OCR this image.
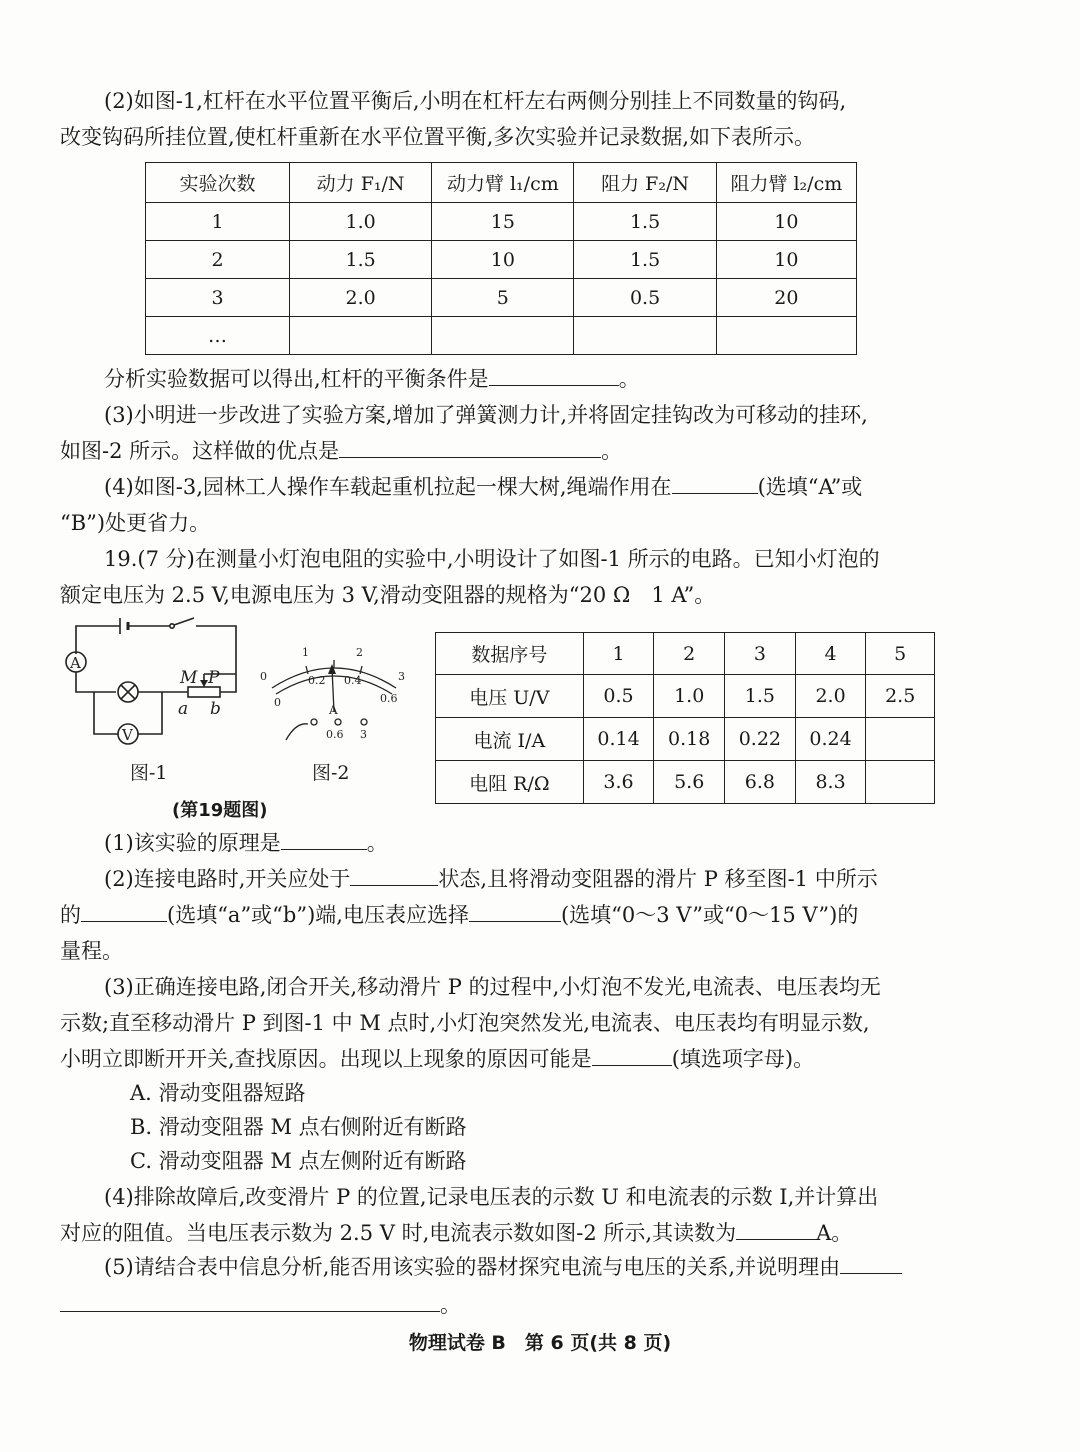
(2)如图-1,杠杆在水平位置平衡后,小明在杠杆左右两侧分别挂上不同数量的钩码,
改变钩码所挂位置,使杠杆重新在水平位置平衡,多次实验并记录数据,如下表所示。
实验次数	动力 F₁/N	动力臂 l₁/cm	阻力 F₂/N	阻力臂 l₂/cm
1	1.0	15	1.5	10
2	1.5	10	1.5	10
3	2.0	5	0.5	20
…				
分析实验数据可以得出,杠杆的平衡条件是	。
(3)小明进一步改进了实验方案,增加了弹簧测力计,并将固定挂钩改为可移动的挂环,
如图-2 所示。这样做的优点是	。
(4)如图-3,园林工人操作车载起重机拉起一棵大树,绳端作用在	(选填“A”或
“B”)处更省力。
19.(7 分)在测量小灯泡电阻的实验中,小明设计了如图-1 所示的电路。已知小灯泡的
额定电压为 2.5 V,电源电压为 3 V,滑动变阻器的规格为“20 Ω　1 A”。
A
M P
a b
V
图-1
1	2
0	3
0
0.2 0.4
0.6
A
0.6 3
图-2
(第19题图)
数据序号	1	2	3	4	5
电压 U/V	0.5	1.0	1.5	2.0	2.5
电流 I/A	0.14	0.18	0.22	0.24	
电阻 R/Ω	3.6	5.6	6.8	8.3	
(1)该实验的原理是	。
(2)连接电路时,开关应处于	状态,且将滑动变阻器的滑片 P 移至图-1 中所示
的	(选填“a”或“b”)端,电压表应选择	(选填“0～3 V”或“0～15 V”)的
量程。
(3)正确连接电路,闭合开关,移动滑片 P 的过程中,小灯泡不发光,电流表、电压表均无
示数;直至移动滑片 P 到图-1 中 M 点时,小灯泡突然发光,电流表、电压表均有明显示数,
小明立即断开开关,查找原因。出现以上现象的原因可能是	(填选项字母)。
A. 滑动变阻器短路
B. 滑动变阻器 M 点右侧附近有断路
C. 滑动变阻器 M 点左侧附近有断路
(4)排除故障后,改变滑片 P 的位置,记录电压表的示数 U 和电流表的示数 I,并计算出
对应的阻值。当电压表示数为 2.5 V 时,电流表示数如图-2 所示,其读数为	A。
(5)请结合表中信息分析,能否用该实验的器材探究电流与电压的关系,并说明理由
。
物理试卷 B　第 6 页(共 8 页)
